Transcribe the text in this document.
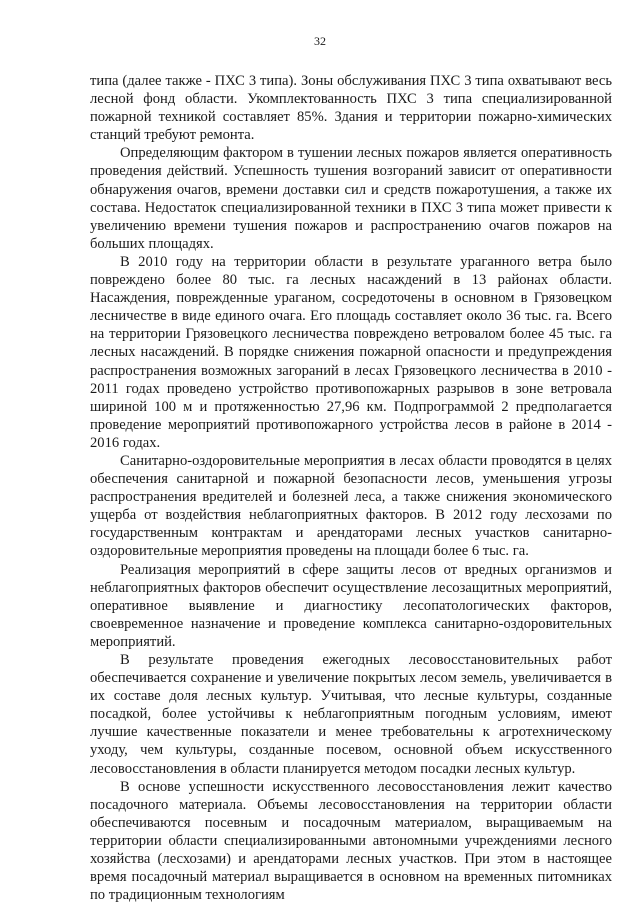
32

типа (далее также - ПХС 3 типа). Зоны обслуживания ПХС 3 типа охватывают весь лесной фонд области. Укомплектованность ПХС 3 типа специализированной пожарной техникой составляет 85%. Здания и территории пожарно-химических станций требуют ремонта.

Определяющим фактором в тушении лесных пожаров является оперативность проведения действий. Успешность тушения возгораний зависит от оперативности обнаружения очагов, времени доставки сил и средств пожаротушения, а также их состава. Недостаток специализированной техники в ПХС 3 типа может привести к увеличению времени тушения пожаров и распространению очагов пожаров на больших площадях.

В 2010 году на территории области в результате ураганного ветра было повреждено более 80 тыс. га лесных насаждений в 13 районах области. Насаждения, поврежденные ураганом, сосредоточены в основном в Грязовецком лесничестве в виде единого очага. Его площадь составляет около 36 тыс. га. Всего на территории Грязовецкого лесничества повреждено ветровалом более 45 тыс. га лесных насаждений. В порядке снижения пожарной опасности и предупреждения распространения возможных загораний в лесах Грязовецкого лесничества в 2010 - 2011 годах проведено устройство противопожарных разрывов в зоне ветровала шириной 100 м и протяженностью 27,96 км. Подпрограммой 2 предполагается проведение мероприятий противопожарного устройства лесов в районе в 2014 - 2016 годах.

Санитарно-оздоровительные мероприятия в лесах области проводятся в целях обеспечения санитарной и пожарной безопасности лесов, уменьшения угрозы распространения вредителей и болезней леса, а также снижения экономического ущерба от воздействия неблагоприятных факторов. В 2012 году лесхозами по государственным контрактам и арендаторами лесных участков санитарно-оздоровительные мероприятия проведены на площади более 6 тыс. га.

Реализация мероприятий в сфере защиты лесов от вредных организмов и неблагоприятных факторов обеспечит осуществление лесозащитных мероприятий, оперативное выявление и диагностику лесопатологических факторов, своевременное назначение и проведение комплекса санитарно-оздоровительных мероприятий.

В результате проведения ежегодных лесовосстановительных работ обеспечивается сохранение и увеличение покрытых лесом земель, увеличивается в их составе доля лесных культур. Учитывая, что лесные культуры, созданные посадкой, более устойчивы к неблагоприятным погодным условиям, имеют лучшие качественные показатели и менее требовательны к агротехническому уходу, чем культуры, созданные посевом, основной объем искусственного лесовосстановления в области планируется методом посадки лесных культур.

В основе успешности искусственного лесовосстановления лежит качество посадочного материала. Объемы лесовосстановления на территории области обеспечиваются посевным и посадочным материалом, выращиваемым на территории области специализированными автономными учреждениями лесного хозяйства (лесхозами) и арендаторами лесных участков. При этом в настоящее время посадочный материал выращивается в основном на временных питомниках по традиционным технологиям
